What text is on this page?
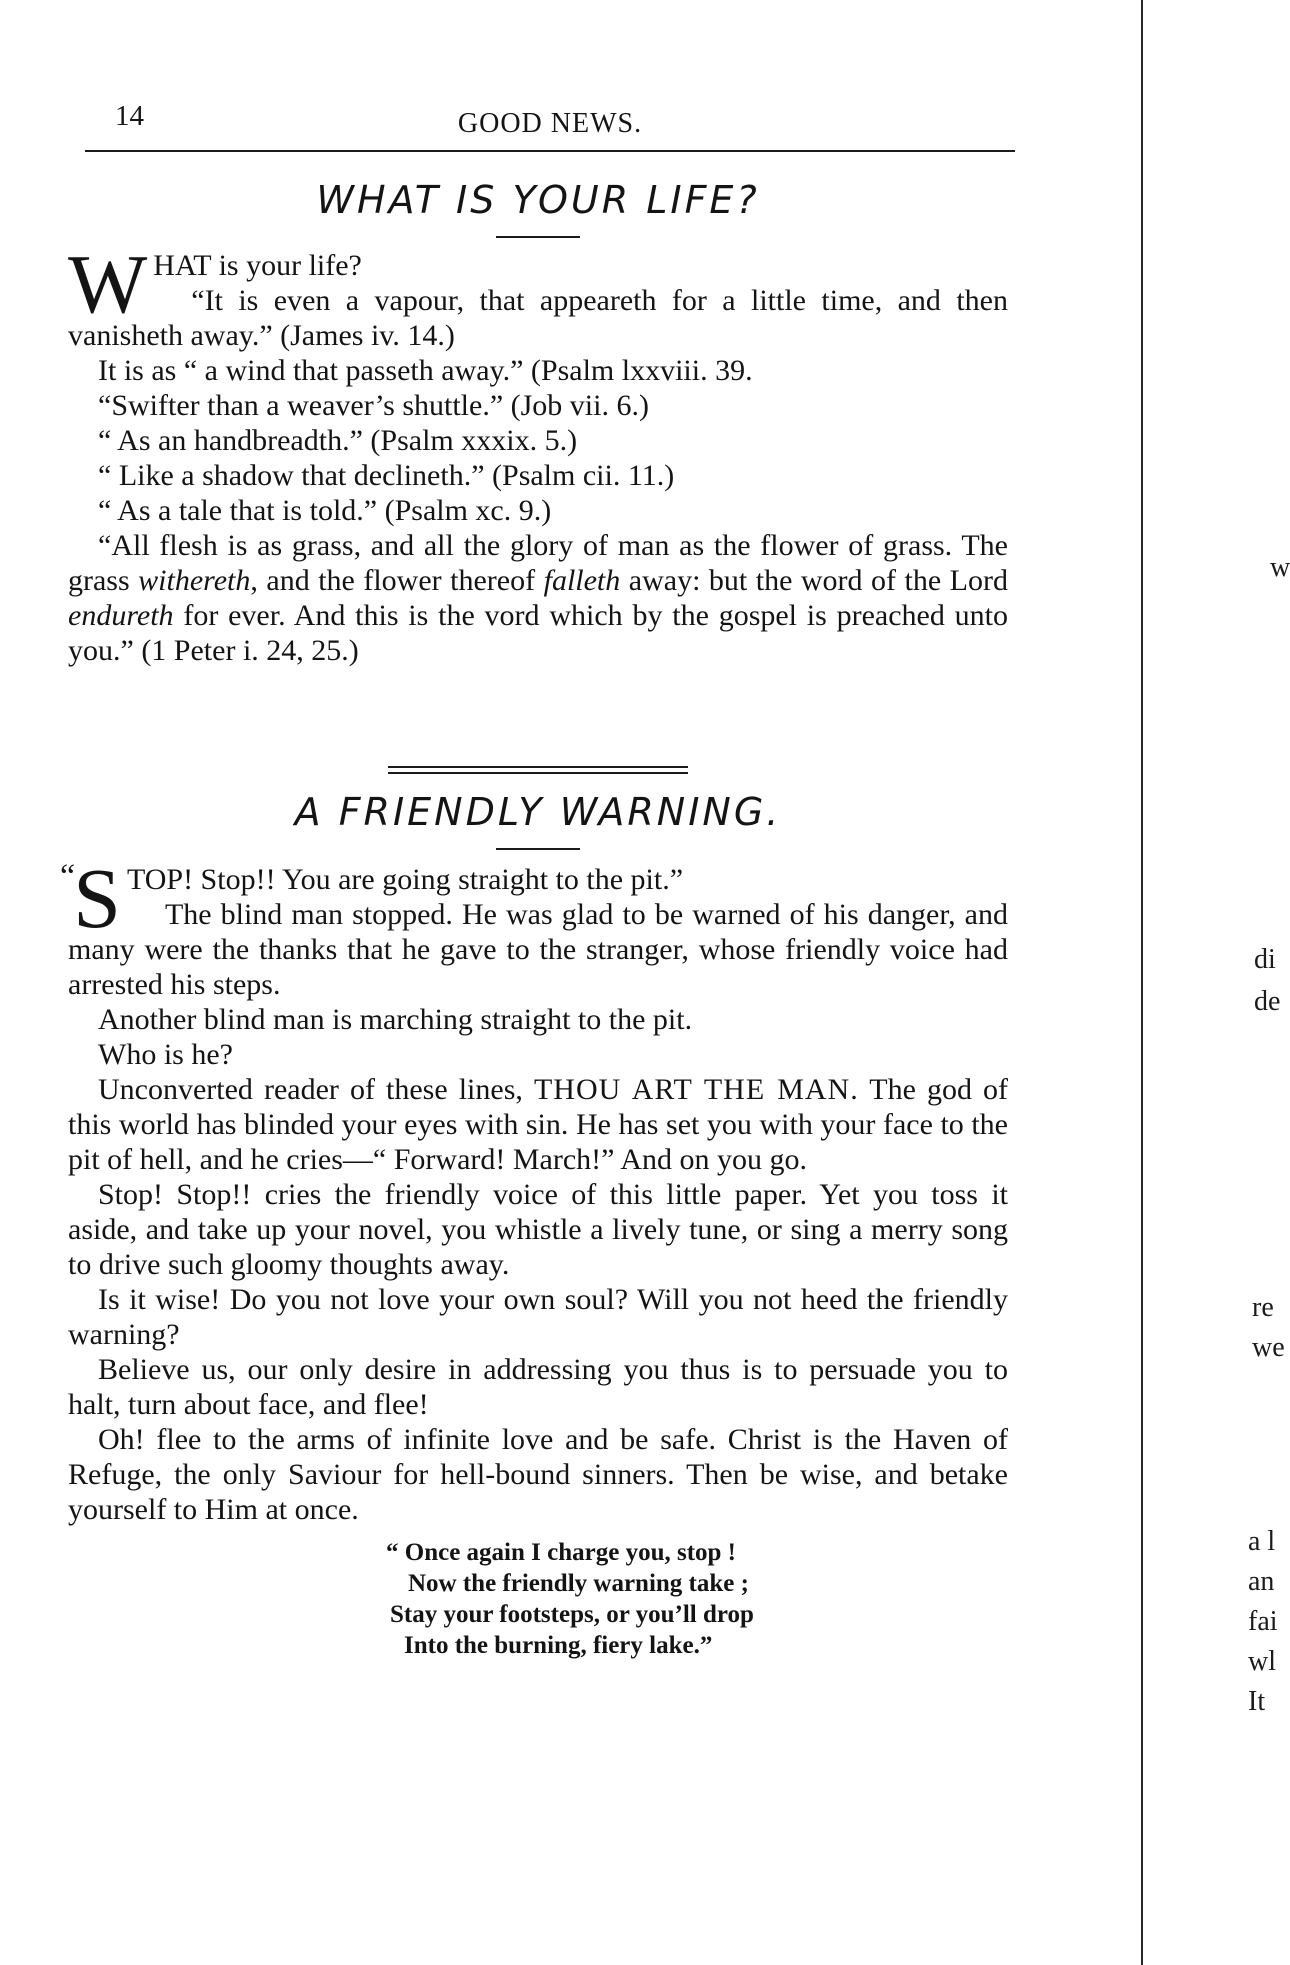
14	GOOD NEWS.
WHAT IS YOUR LIFE?

W HAT is your life?

“It is even a vapour, that appeareth for a little time, and then vanisheth away.” (James iv. 14.)

It is as “ a wind that passeth away.” (Psalm lxxviii. 39.

“Swifter than a weaver’s shuttle.” (Job vii. 6.)

“ As an handbreadth.” (Psalm xxxix. 5.)

“ Like a shadow that declineth.” (Psalm cii. 11.)

“ As a tale that is told.” (Psalm xc. 9.)

“All flesh is as grass, and all the glory of man as the flower of grass. The grass withereth, and the flower thereof falleth away: but the word of the Lord endureth for ever. And this is the vord which by the gospel is preached unto you.” (1 Peter i. 24, 25.)

A FRIENDLY WARNING.

“
S TOP! Stop!! You are going straight to the pit.”

The blind man stopped. He was glad to be warned of his danger, and many were the thanks that he gave to the stranger, whose friendly voice had arrested his steps.

Another blind man is marching straight to the pit.

Who is he?

Unconverted reader of these lines, THOU ART THE MAN. The god of this world has blinded your eyes with sin. He has set you with your face to the pit of hell, and he cries—“ Forward! March!” And on you go.

Stop! Stop!! cries the friendly voice of this little paper. Yet you toss it aside, and take up your novel, you whistle a lively tune, or sing a merry song to drive such gloomy thoughts away.

Is it wise! Do you not love your own soul? Will you not heed the friendly warning?

Believe us, our only desire in addressing you thus is to persuade you to halt, turn about face, and flee!

Oh! flee to the arms of infinite love and be safe. Christ is the Haven of Refuge, the only Saviour for hell-bound sinners. Then be wise, and betake yourself to Him at once.

“ Once again I charge you, stop !
Now the friendly warning take ;
Stay your footsteps, or you’ll drop
Into the burning, fiery lake.”
w
di
de
re
we
a l
an
fai
wl
It
